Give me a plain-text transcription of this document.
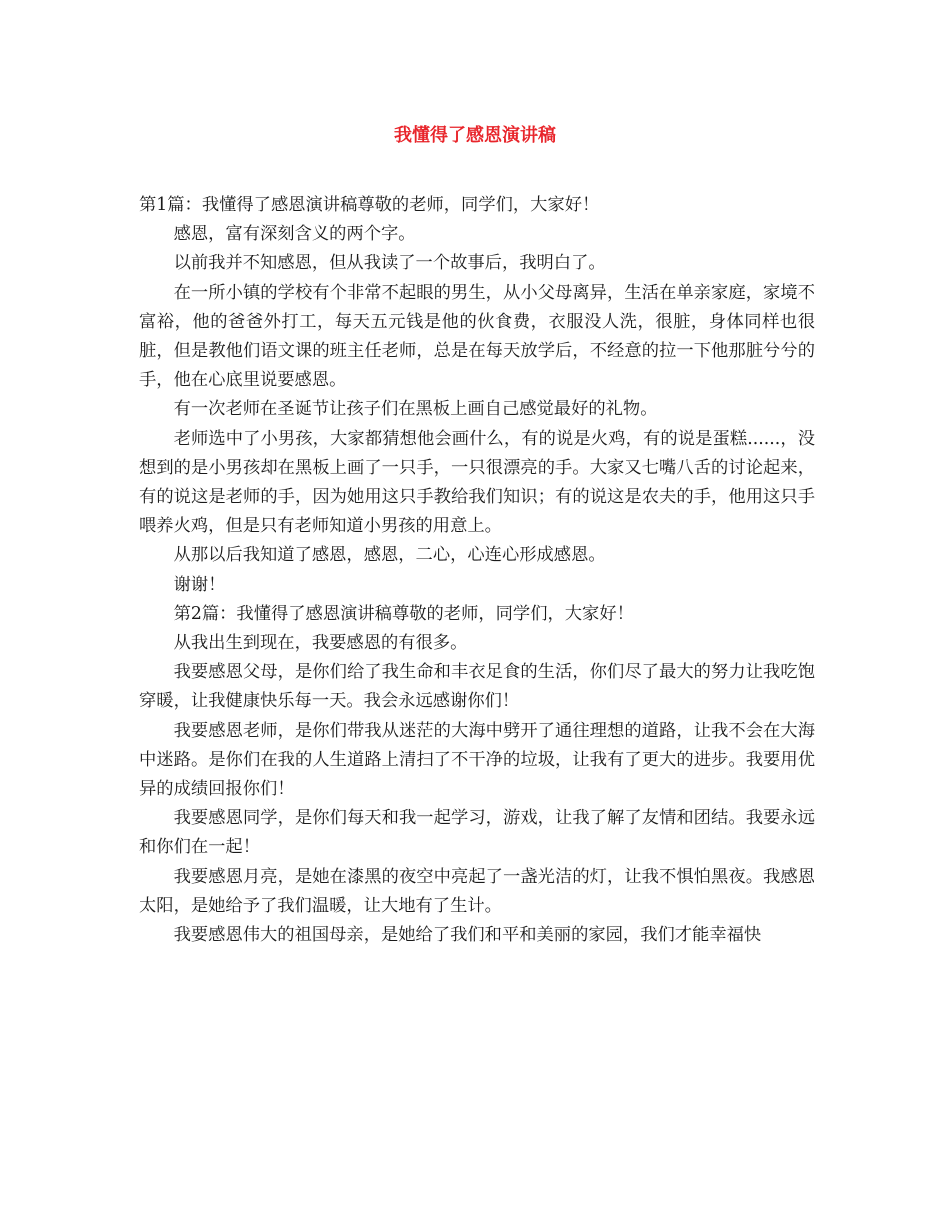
我懂得了感恩演讲稿

第1篇：我懂得了感恩演讲稿尊敬的老师，同学们，大家好！

感恩，富有深刻含义的两个字。

以前我并不知感恩，但从我读了一个故事后，我明白了。

在一所小镇的学校有个非常不起眼的男生，从小父母离异，生活在单亲家庭，家境不富裕，他的爸爸外打工，每天五元钱是他的伙食费，衣服没人洗，很脏，身体同样也很脏，但是教他们语文课的班主任老师，总是在每天放学后，不经意的拉一下他那脏兮兮的手，他在心底里说要感恩。

有一次老师在圣诞节让孩子们在黑板上画自己感觉最好的礼物。

老师选中了小男孩，大家都猜想他会画什么，有的说是火鸡，有的说是蛋糕......，没想到的是小男孩却在黑板上画了一只手，一只很漂亮的手。大家又七嘴八舌的讨论起来，有的说这是老师的手，因为她用这只手教给我们知识；有的说这是农夫的手，他用这只手喂养火鸡，但是只有老师知道小男孩的用意上。

从那以后我知道了感恩，感恩，二心，心连心形成感恩。

谢谢！

第2篇：我懂得了感恩演讲稿尊敬的老师，同学们，大家好！

从我出生到现在，我要感恩的有很多。

我要感恩父母，是你们给了我生命和丰衣足食的生活，你们尽了最大的努力让我吃饱穿暖，让我健康快乐每一天。我会永远感谢你们！

我要感恩老师，是你们带我从迷茫的大海中劈开了通往理想的道路，让我不会在大海中迷路。是你们在我的人生道路上清扫了不干净的垃圾，让我有了更大的进步。我要用优异的成绩回报你们！

我要感恩同学，是你们每天和我一起学习，游戏，让我了解了友情和团结。我要永远和你们在一起！

我要感恩月亮，是她在漆黑的夜空中亮起了一盏光洁的灯，让我不惧怕黑夜。我感恩太阳，是她给予了我们温暖，让大地有了生计。

我要感恩伟大的祖国母亲，是她给了我们和平和美丽的家园，我们才能幸福快
